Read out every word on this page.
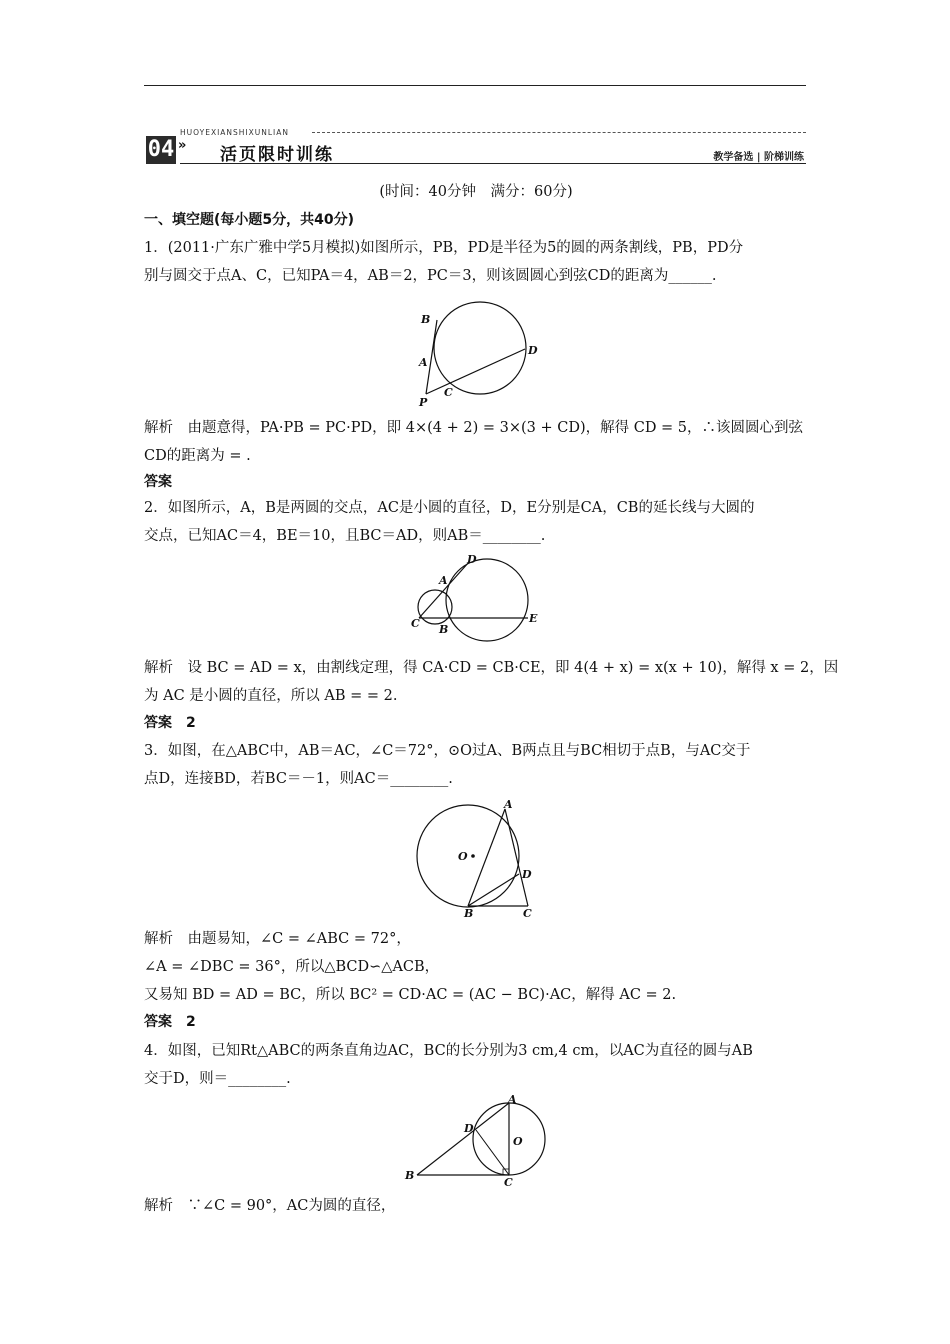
HUOYEXIANSHIXUNLIAN
04 » 活页限时训练	教学备选 | 阶梯训练
(时间：40分钟　满分：60分)
一、填空题(每小题5分，共40分)
1．(2011·广东广雅中学5月模拟)如图所示，PB，PD是半径为5的圆的两条割线，PB，PD分
别与圆交于点A、C，已知PA＝4，AB＝2，PC＝3，则该圆圆心到弦CD的距离为______.
B
A
P
C
D
解析　由题意得，PA·PB = PC·PD，即 4×(4 + 2) = 3×(3 + CD)，解得 CD = 5，∴该圆圆心到弦
CD的距离为 = .
答案
2．如图所示，A，B是两圆的交点，AC是小圆的直径，D，E分别是CA，CB的延长线与大圆的
交点，已知AC＝4，BE＝10，且BC＝AD，则AB＝________.
D
A
C B
E
解析　设 BC = AD = x，由割线定理，得 CA·CD = CB·CE，即 4(4 + x) = x(x + 10)，解得 x = 2，因
为 AC 是小圆的直径，所以 AB = = 2.
答案　2
3．如图，在△ABC中，AB＝AC，∠C＝72°，⊙O过A、B两点且与BC相切于点B，与AC交于
点D，连接BD，若BC＝－1，则AC＝________.
A
O
D
B	C
解析　由题易知，∠C = ∠ABC = 72°，
∠A = ∠DBC = 36°，所以△BCD∽△ACB，
又易知 BD = AD = BC，所以 BC² = CD·AC = (AC − BC)·AC，解得 AC = 2.
答案　2
4．如图，已知Rt△ABC的两条直角边AC，BC的长分别为3 cm,4 cm，以AC为直径的圆与AB
交于D，则＝________.
A
D
O
B
C
解析　∵∠C = 90°，AC为圆的直径，
